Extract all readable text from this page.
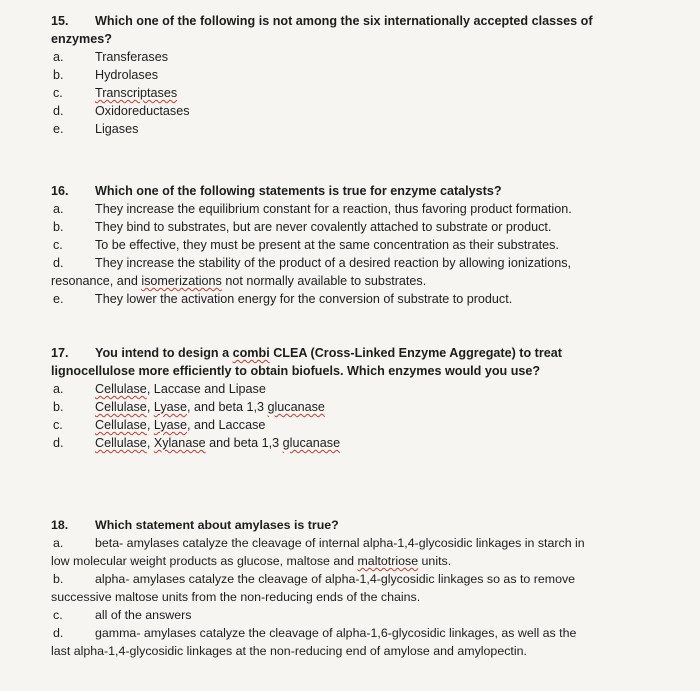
15. Which one of the following is not among the six internationally accepted classes of
enzymes?
a. Transferases
b. Hydrolases
c.	Transcriptases
d. Oxidoreductases
e. Ligases
16. Which one of the following statements is true for enzyme catalysts?
a. They increase the equilibrium constant for a reaction, thus favoring product formation.
b. They bind to substrates, but are never covalently attached to substrate or product.
c.	To be effective, they must be present at the same concentration as their substrates.
d. They increase the stability of the product of a desired reaction by allowing ionizations,
resonance, and isomerizations not normally available to substrates.
e. They lower the activation energy for the conversion of substrate to product.
17. You intend to design a combi CLEA (Cross-Linked Enzyme Aggregate) to treat
lignocellulose more efficiently to obtain biofuels. Which enzymes would you use?
a. Cellulase, Laccase and Lipase
b. Cellulase, Lyase, and beta 1,3 glucanase
c.	Cellulase, Lyase, and Laccase
d. Cellulase, Xylanase and beta 1,3 glucanase
18. Which statement about amylases is true?
a.	beta- amylases catalyze the cleavage of internal alpha-1,4-glycosidic linkages in starch in
low molecular weight products as glucose, maltose and maltotriose units.
b.	alpha- amylases catalyze the cleavage of alpha-1,4-glycosidic linkages so as to remove
successive maltose units from the non-reducing ends of the chains.
c.	all of the answers
d.	gamma- amylases catalyze the cleavage of alpha-1,6-glycosidic linkages, as well as the
last alpha-1,4-glycosidic linkages at the non-reducing end of amylose and amylopectin.
